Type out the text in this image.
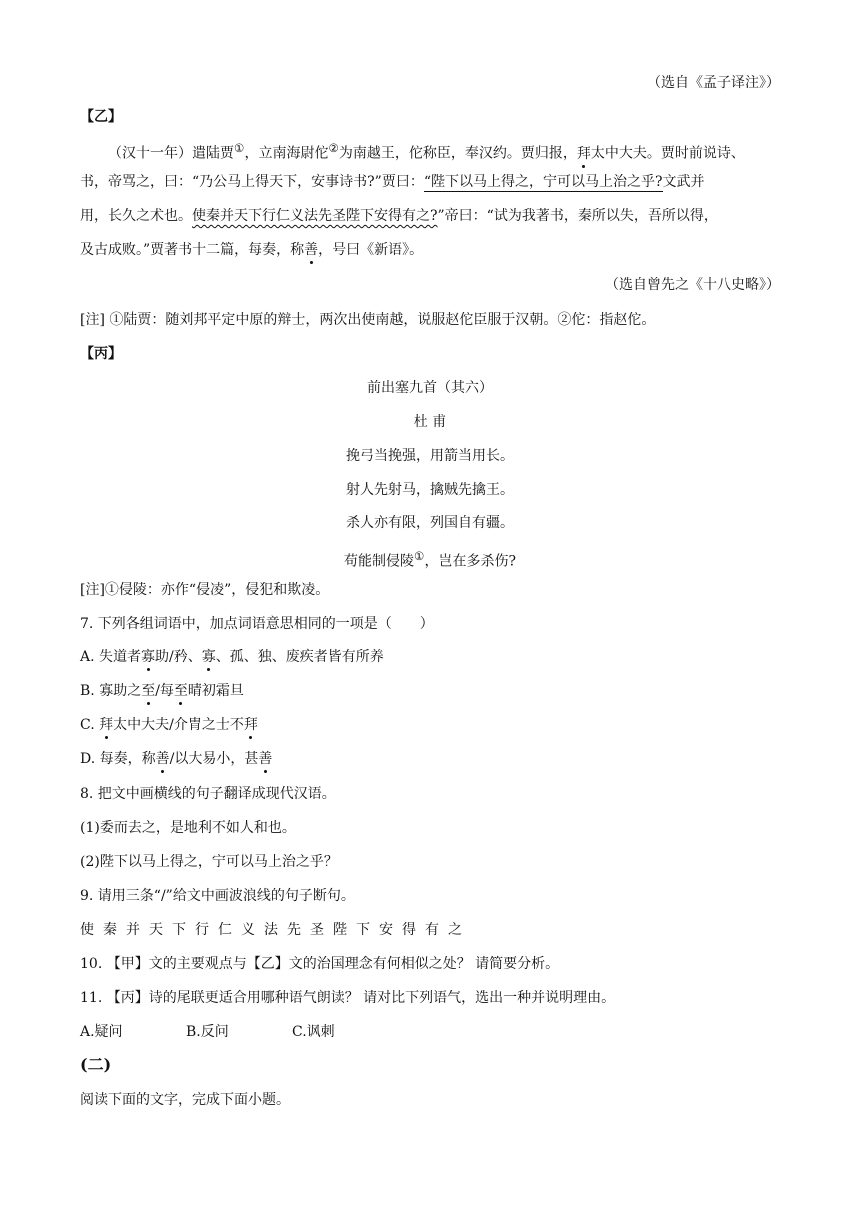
（选自《孟子译注》）
【乙】
（汉十一年）遣陆贾①，立南海尉佗②为南越王，佗称臣，奉汉约。贾归报，拜太中大夫。贾时前说诗、
书，帝骂之，曰：“乃公马上得天下，安事诗书?”贾曰：“陛下以马上得之，宁可以马上治之乎?文武并
用，长久之术也。使秦并天下行仁义法先圣陛下安得有之?”帝曰：“试为我著书，秦所以失，吾所以得，
及古成败。”贾著书十二篇，每奏，称善，号曰《新语》。
（选自曾先之《十八史略》）
[注] ①陆贾：随刘邦平定中原的辩士，两次出使南越，说服赵佗臣服于汉朝。②佗：指赵佗。
【丙】
前出塞九首（其六）
杜 甫
挽弓当挽强，用箭当用长。
射人先射马，擒贼先擒王。
杀人亦有限，列国自有疆。
苟能制侵陵①，岂在多杀伤?
[注]①侵陵：亦作“侵凌”，侵犯和欺凌。
7. 下列各组词语中，加点词语意思相同的一项是（　　）
A. 失道者寡助/矜、寡、孤、独、废疾者皆有所养
B. 寡助之至/每至晴初霜旦
C. 拜太中大夫/介胄之士不拜
D. 每奏，称善/以大易小，甚善
8. 把文中画横线的句子翻译成现代汉语。
(1)委而去之，是地利不如人和也。
(2)陛下以马上得之，宁可以马上治之乎？
9. 请用三条“/”给文中画波浪线的句子断句。
使秦并天下行仁义法先圣陛下安得有之
10. 【甲】文的主要观点与【乙】文的治国理念有何相似之处？ 请简要分析。
11. 【丙】诗的尾联更适合用哪种语气朗读？ 请对比下列语气，选出一种并说明理由。
A.疑问	B.反问	C.讽刺
(二)
阅读下面的文字，完成下面小题。
